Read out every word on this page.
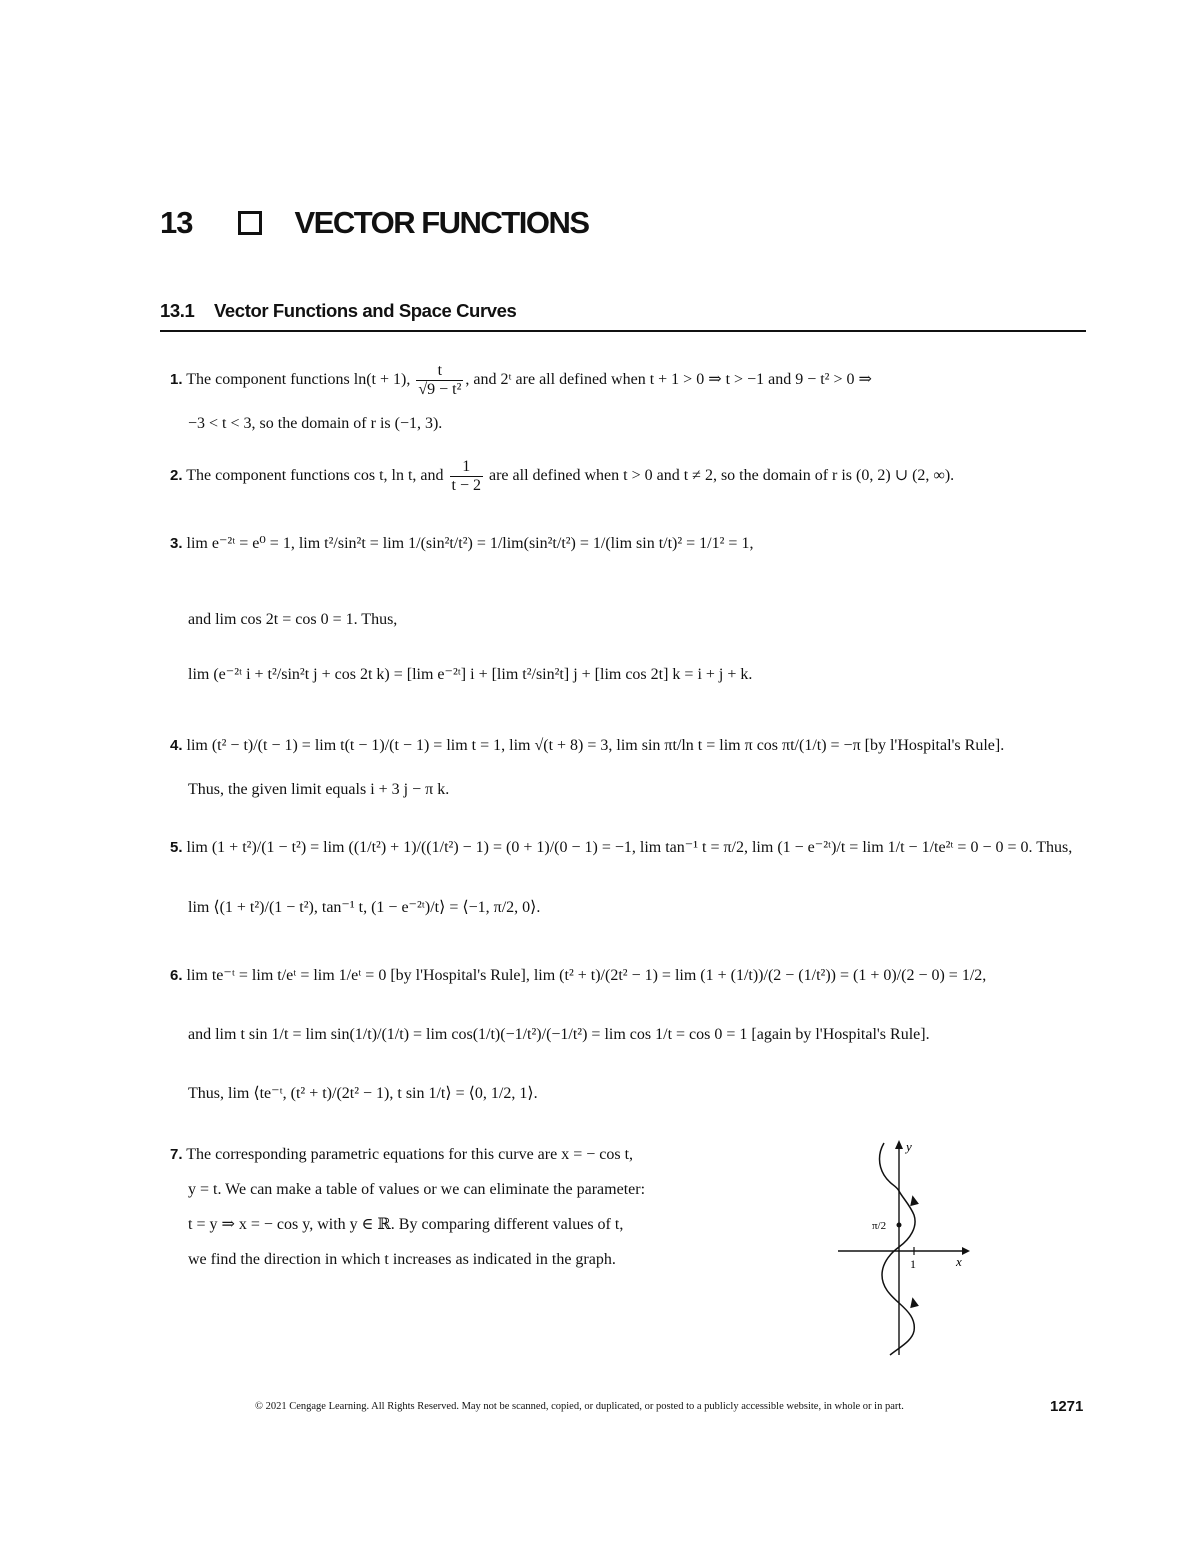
13	VECTOR FUNCTIONS
13.1 Vector Functions and Space Curves
1. The component functions ln(t + 1), $\frac{t}{\text{√9 − t²}}$ , and 2ᵗ are all defined when t + 1 > 0 ⇒ t > −1 and 9 − t² > 0 ⇒
−3 < t < 3, so the domain of r is (−1, 3).
2. The component functions cos t, ln t, and $\frac{1}{t - 2}$ are all defined when t > 0 and t ≠ 2, so the domain of r is (0, 2) ∪ (2, ∞).
3. lim e⁻²ᵗ = e⁰ = 1, lim t²/sin²t = lim 1/(sin²t/t²) = 1/lim(sin²t/t²) = 1/(lim sin t/t)² = 1/1² = 1,
and lim cos 2t = cos 0 = 1. Thus,
lim (e⁻²ᵗ i + t²/sin²t j + cos 2t k) = [lim e⁻²ᵗ] i + [lim t²/sin²t] j + [lim cos 2t] k = i + j + k.
4. lim (t² − t)/(t − 1) = lim t(t − 1)/(t − 1) = lim t = 1, lim √(t + 8) = 3, lim sin πt/ln t = lim π cos πt/(1/t) = −π [by l'Hospital's Rule].
Thus, the given limit equals i + 3 j − π k.
5. lim (1 + t²)/(1 − t²) = lim ((1/t²) + 1)/((1/t²) − 1) = (0 + 1)/(0 − 1) = −1, lim tan⁻¹ t = π/2, lim (1 − e⁻²ᵗ)/t = lim 1/t − 1/te²ᵗ = 0 − 0 = 0. Thus,
lim ⟨(1 + t²)/(1 − t²), tan⁻¹ t, (1 − e⁻²ᵗ)/t⟩ = ⟨−1, π/2, 0⟩.
6. lim te⁻ᵗ = lim t/eᵗ = lim 1/eᵗ = 0 [by l'Hospital's Rule], lim (t² + t)/(2t² − 1) = lim (1 + (1/t))/(2 − (1/t²)) = (1 + 0)/(2 − 0) = 1/2,
and lim t sin 1/t = lim sin(1/t)/(1/t) = lim cos(1/t)(−1/t²)/(−1/t²) = lim cos 1/t = cos 0 = 1 [again by l'Hospital's Rule].
Thus, lim ⟨te⁻ᵗ, (t² + t)/(2t² − 1), t sin 1/t⟩ = ⟨0, 1/2, 1⟩.
7. The corresponding parametric equations for this curve are x = − cos t,
y = t. We can make a table of values or we can eliminate the parameter:
t = y ⇒ x = − cos y, with y ∈ ℝ. By comparing different values of t,
we find the direction in which t increases as indicated in the graph.
y
x
1
π/2
© 2021 Cengage Learning. All Rights Reserved. May not be scanned, copied, or duplicated, or posted to a publicly accessible website, in whole or in part.	1271
